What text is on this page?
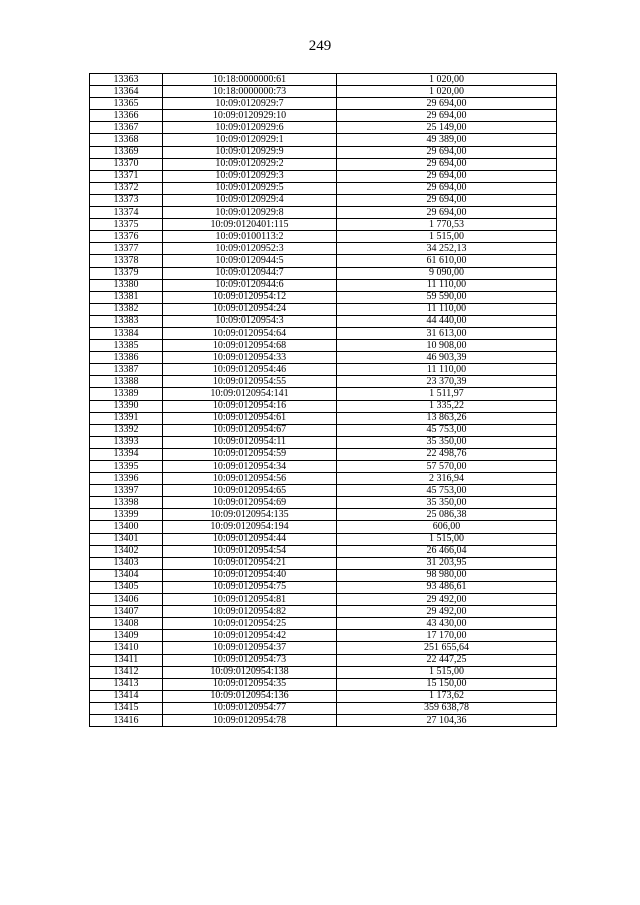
249
13363	10:18:0000000:61	1 020,00
13364	10:18:0000000:73	1 020,00
13365	10:09:0120929:7	29 694,00
13366	10:09:0120929:10	29 694,00
13367	10:09:0120929:6	25 149,00
13368	10:09:0120929:1	49 389,00
13369	10:09:0120929:9	29 694,00
13370	10:09:0120929:2	29 694,00
13371	10:09:0120929:3	29 694,00
13372	10:09:0120929:5	29 694,00
13373	10:09:0120929:4	29 694,00
13374	10:09:0120929:8	29 694,00
13375	10:09:0120401:115	1 770,53
13376	10:09:0100113:2	1 515,00
13377	10:09:0120952:3	34 252,13
13378	10:09:0120944:5	61 610,00
13379	10:09:0120944:7	9 090,00
13380	10:09:0120944:6	11 110,00
13381	10:09:0120954:12	59 590,00
13382	10:09:0120954:24	11 110,00
13383	10:09:0120954:3	44 440,00
13384	10:09:0120954:64	31 613,00
13385	10:09:0120954:68	10 908,00
13386	10:09:0120954:33	46 903,39
13387	10:09:0120954:46	11 110,00
13388	10:09:0120954:55	23 370,39
13389	10:09:0120954:141	1 511,97
13390	10:09:0120954:16	1 335,22
13391	10:09:0120954:61	13 863,26
13392	10:09:0120954:67	45 753,00
13393	10:09:0120954:11	35 350,00
13394	10:09:0120954:59	22 498,76
13395	10:09:0120954:34	57 570,00
13396	10:09:0120954:56	2 316,94
13397	10:09:0120954:65	45 753,00
13398	10:09:0120954:69	35 350,00
13399	10:09:0120954:135	25 086,38
13400	10:09:0120954:194	606,00
13401	10:09:0120954:44	1 515,00
13402	10:09:0120954:54	26 466,04
13403	10:09:0120954:21	31 203,95
13404	10:09:0120954:40	98 980,00
13405	10:09:0120954:75	93 486,61
13406	10:09:0120954:81	29 492,00
13407	10:09:0120954:82	29 492,00
13408	10:09:0120954:25	43 430,00
13409	10:09:0120954:42	17 170,00
13410	10:09:0120954:37	251 655,64
13411	10:09:0120954:73	22 447,25
13412	10:09:0120954:138	1 515,00
13413	10:09:0120954:35	15 150,00
13414	10:09:0120954:136	1 173,62
13415	10:09:0120954:77	359 638,78
13416	10:09:0120954:78	27 104,36
